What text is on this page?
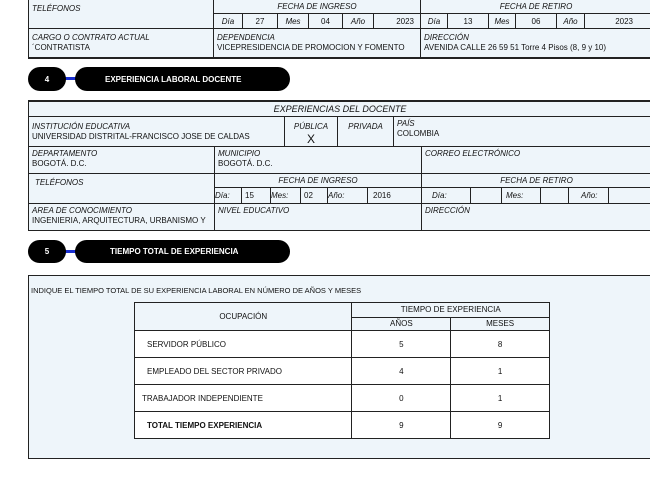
TELÉFONOS	FECHA DE INGRESO
Día	27	Mes	04	Año	2023
FECHA DE RETIRO
Día	13	Mes	06	Año	2023
CARGO O CONTRATO ACTUAL
´CONTRATISTA
DEPENDENCIA
VICEPRESIDENCIA DE PROMOCION Y FOMENTO
DIRECCIÓN
AVENIDA CALLE 26 59 51 Torre 4 Pisos (8, 9 y 10)
4	EXPERIENCIA LABORAL DOCENTE
EXPERIENCIAS DEL DOCENTE
INSTITUCIÓN EDUCATIVA
UNIVERSIDAD DISTRITAL-FRANCISCO JOSE DE CALDAS
PÚBLICA
X
PRIVADA	PAÍS
COLOMBIA
DEPARTAMENTO
BOGOTÁ. D.C.
MUNICIPIO
BOGOTÁ. D.C.
CORREO ELECTRÓNICO
TELÉFONOS	FECHA DE INGRESO
Día:	15	Mes:	02	Año:	2016
FECHA DE RETIRO
Día:	Mes:	Año:
AREA DE CONOCIMIENTO
INGENIERIA, ARQUITECTURA, URBANISMO Y
NIVEL EDUCATIVO	DIRECCIÓN
5	TIEMPO TOTAL DE EXPERIENCIA
INDIQUE EL TIEMPO TOTAL DE SU EXPERIENCIA LABORAL EN NÚMERO DE AÑOS Y MESES
OCUPACIÓN	TIEMPO DE EXPERIENCIA	
	AÑOS	MESES
SERVIDOR PÚBLICO	5	8
EMPLEADO DEL SECTOR PRIVADO	4	1
TRABAJADOR INDEPENDIENTE	0	1
TOTAL TIEMPO EXPERIENCIA	9	9
